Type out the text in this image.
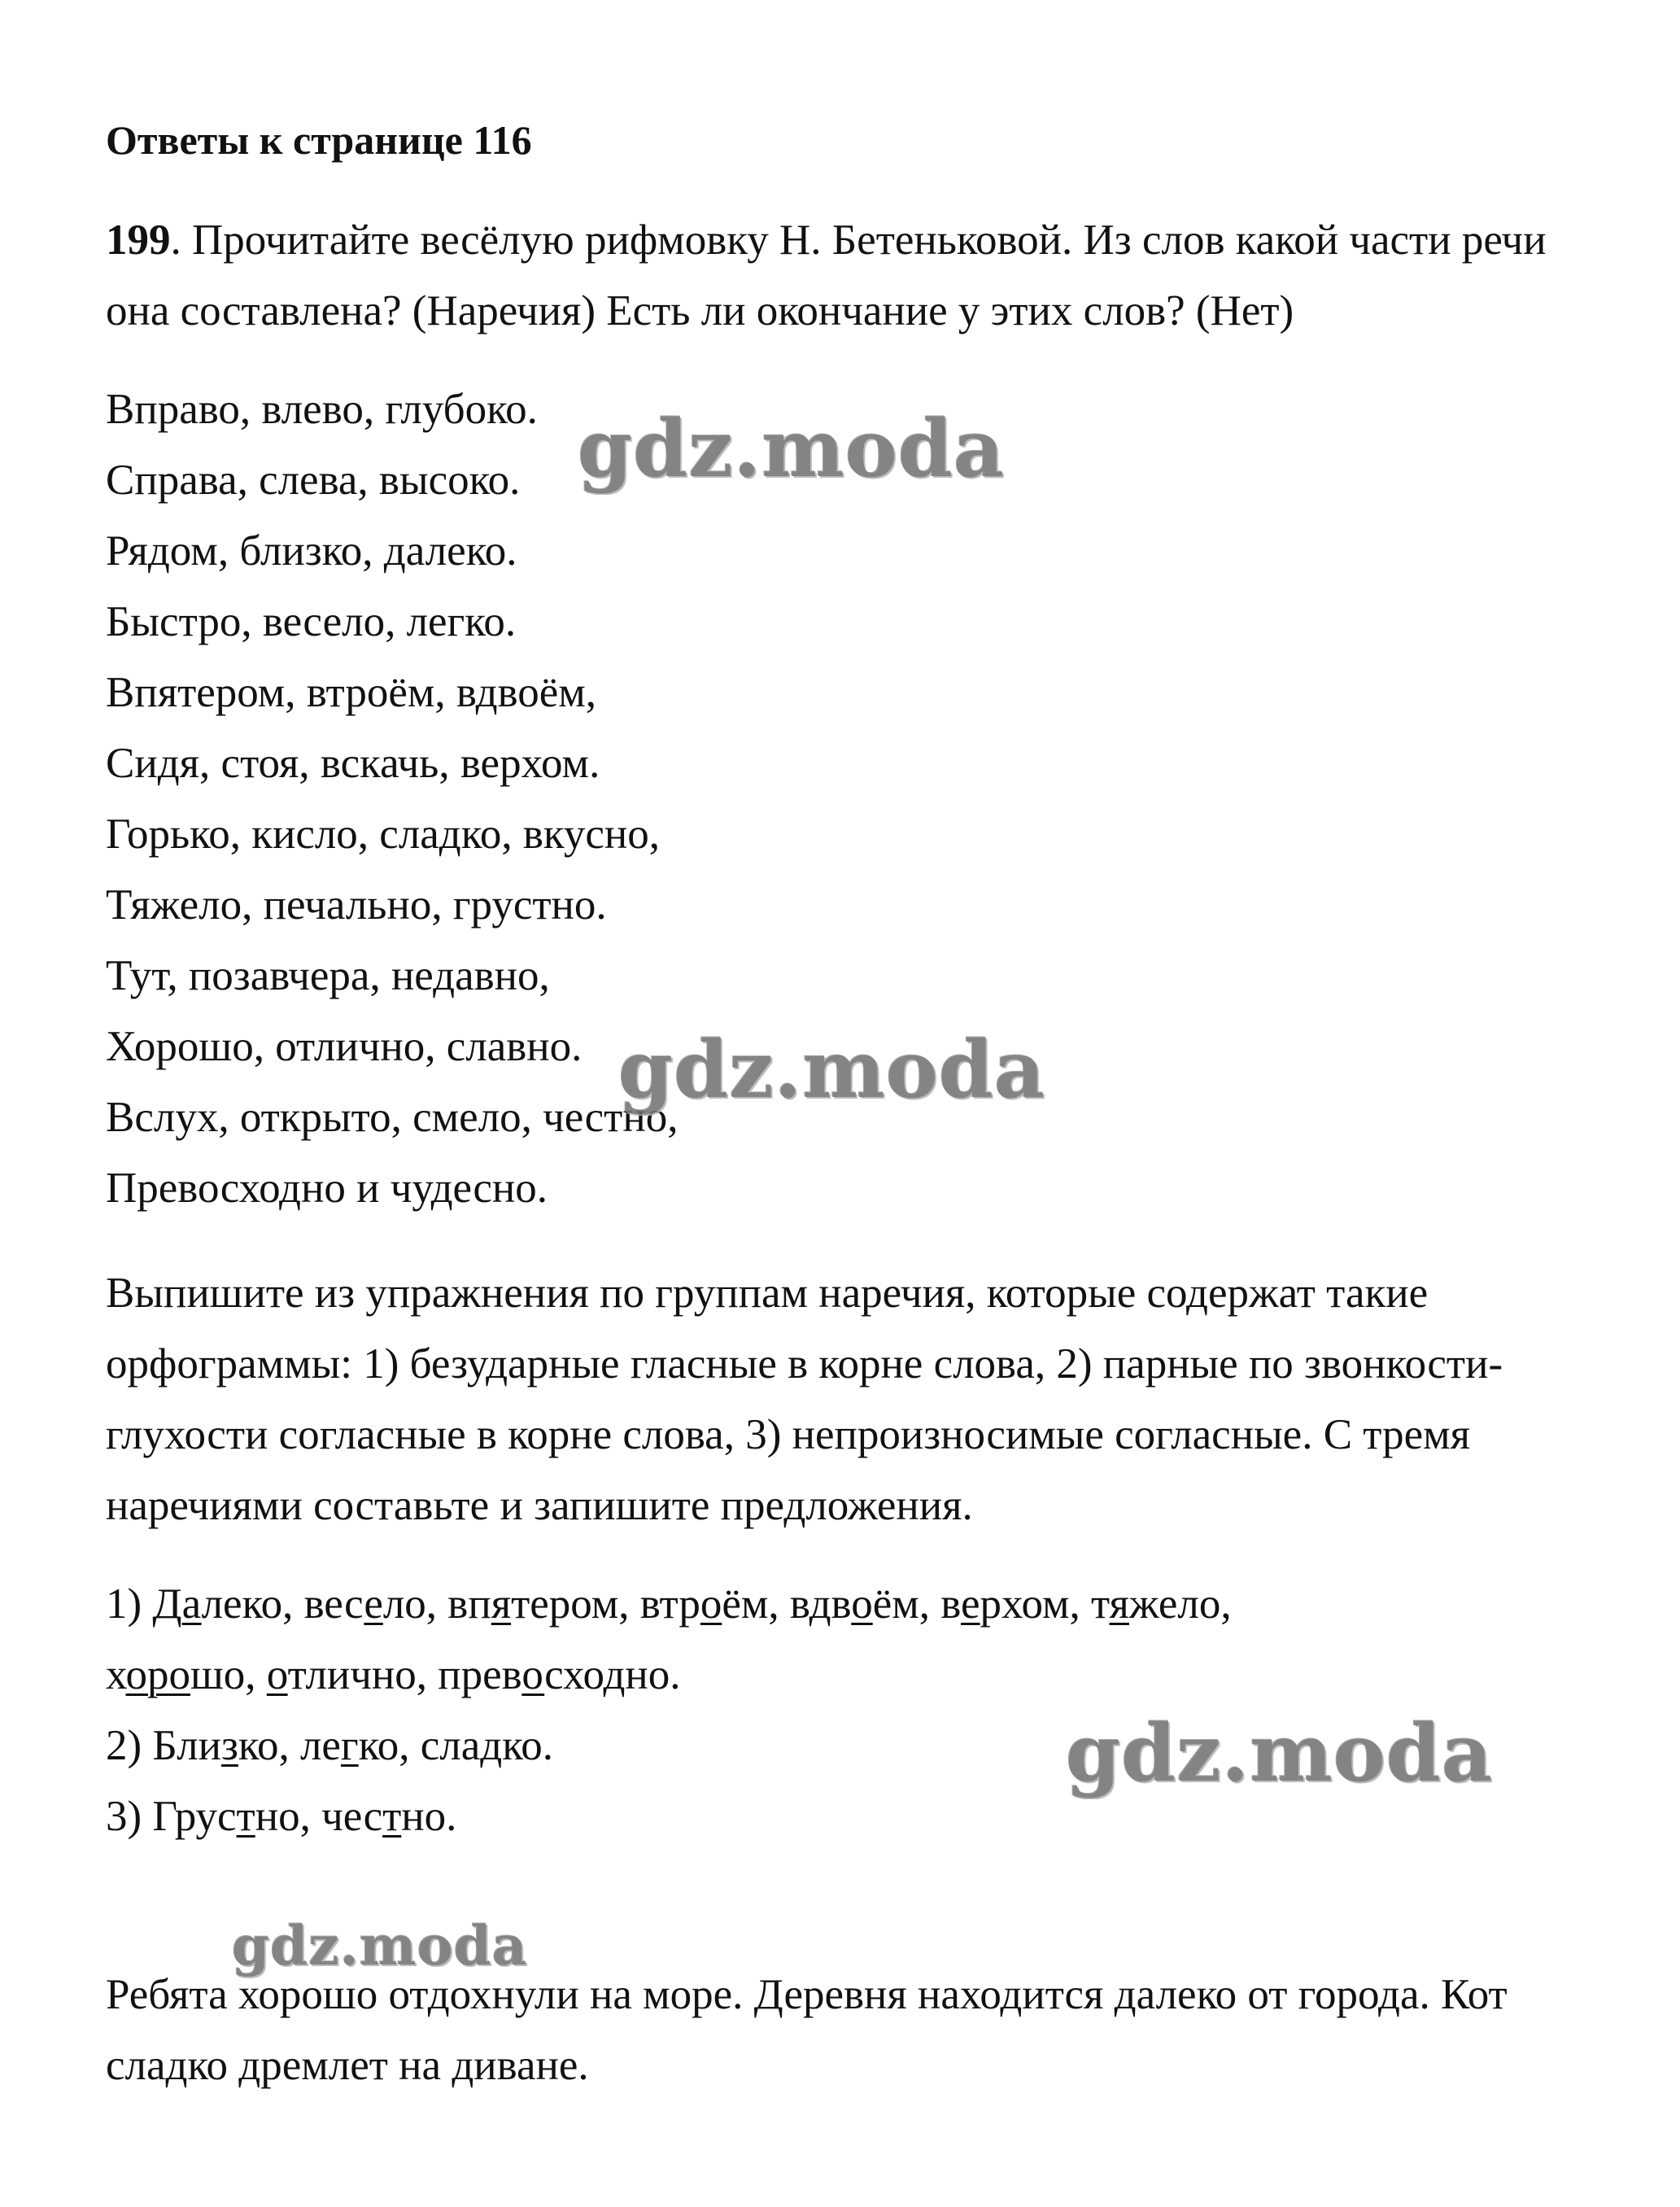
Ответы к странице 116
199. Прочитайте весёлую рифмовку Н. Бетеньковой. Из слов какой части речи она составлена? (Наречия) Есть ли окончание у этих слов? (Нет)
Вправо, влево, глубоко.
Справа, слева, высоко.
Рядом, близко, далеко.
Быстро, весело, легко.
Впятером, втроём, вдвоём,
Сидя, стоя, вскачь, верхом.
Горько, кисло, сладко, вкусно,
Тяжело, печально, грустно.
Тут, позавчера, недавно,
Хорошо, отлично, славно.
Вслух, открыто, смело, честно,
Превосходно и чудесно.
Выпишите из упражнения по группам наречия, которые содержат такие орфограммы: 1) безударные гласные в корне слова, 2) парные по звонкости-глухости согласные в корне слова, 3) непроизносимые согласные. С тремя наречиями составьте и запишите предложения.
1) Далеко, весело, впятером, втроём, вдвоём, верхом, тяжело,
хорошо, отлично, превосходно.
2) Близко, легко, сладко.
3) Грустно, честно.
Ребята хорошо отдохнули на море. Деревня находится далеко от города. Кот сладко дремлет на диване.
gdz.moda
gdz.moda
gdz.moda
gdz.moda
